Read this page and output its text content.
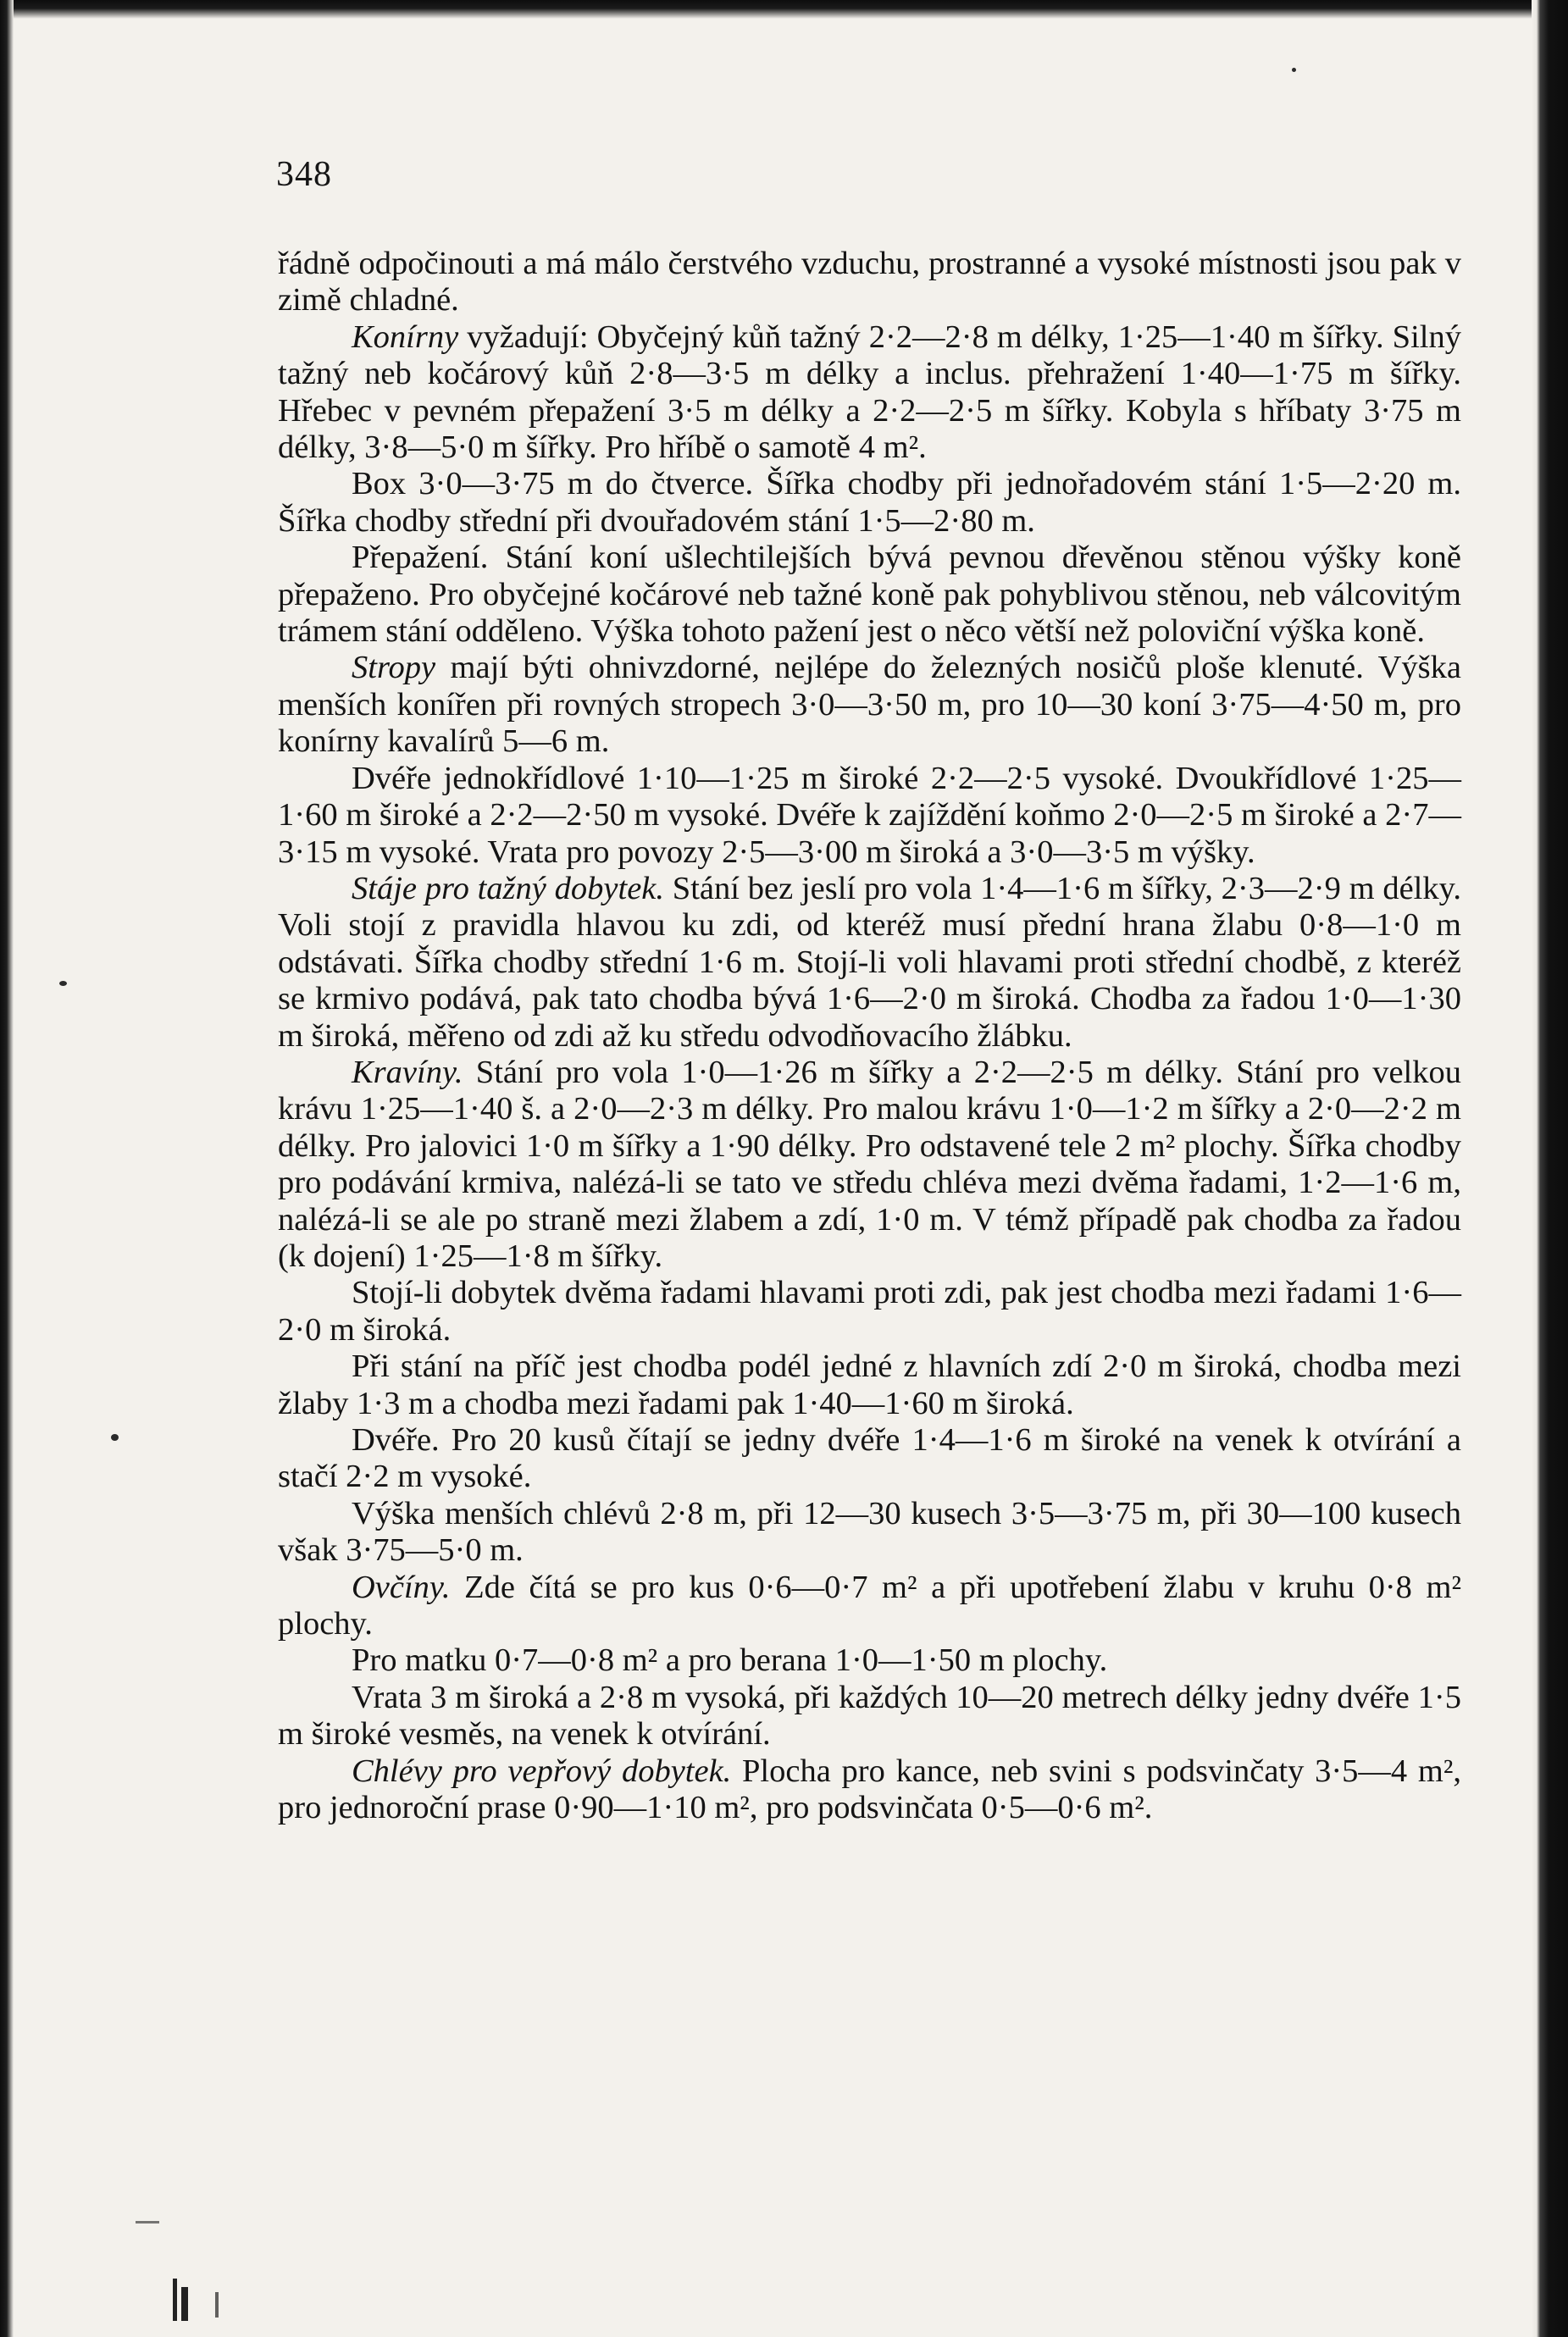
348

řádně odpočinouti a má málo čerstvého vzduchu, prostranné a vysoké místnosti jsou pak v zimě chladné.

Konírny vyžadují: Obyčejný kůň tažný 2·2—2·8 m délky, 1·25—1·40 m šířky. Silný tažný neb kočárový kůň 2·8—3·5 m délky a inclus. přehražení 1·40—1·75 m šířky. Hřebec v pevném přepažení 3·5 m délky a 2·2—2·5 m šířky. Kobyla s hříbaty 3·75 m délky, 3·8—5·0 m šířky. Pro hříbě o samotě 4 m².

Box 3·0—3·75 m do čtverce. Šířka chodby při jednořadovém stání 1·5—2·20 m. Šířka chodby střední při dvouřadovém stání 1·5—2·80 m.

Přepažení. Stání koní ušlechtilejších bývá pevnou dřevěnou stěnou výšky koně přepaženo. Pro obyčejné kočárové neb tažné koně pak pohyblivou stěnou, neb válcovitým trámem stání odděleno. Výška tohoto pažení jest o něco větší než poloviční výška koně.

Stropy mají býti ohnivzdorné, nejlépe do železných nosičů ploše klenuté. Výška menších konířen při rovných stropech 3·0—3·50 m, pro 10—30 koní 3·75—4·50 m, pro konírny kavalírů 5—6 m.

Dvéře jednokřídlové 1·10—1·25 m široké 2·2—2·5 vysoké. Dvoukřídlové 1·25—1·60 m široké a 2·2—2·50 m vysoké. Dvéře k zajíždění koňmo 2·0—2·5 m široké a 2·7—3·15 m vysoké. Vrata pro povozy 2·5—3·00 m široká a 3·0—3·5 m výšky.

Stáje pro tažný dobytek. Stání bez jeslí pro vola 1·4—1·6 m šířky, 2·3—2·9 m délky. Voli stojí z pravidla hlavou ku zdi, od kteréž musí přední hrana žlabu 0·8—1·0 m odstávati. Šířka chodby střední 1·6 m. Stojí-li voli hlavami proti střední chodbě, z kteréž se krmivo podává, pak tato chodba bývá 1·6—2·0 m široká. Chodba za řadou 1·0—1·30 m široká, měřeno od zdi až ku středu odvodňovacího žlábku.

Kravíny. Stání pro vola 1·0—1·26 m šířky a 2·2—2·5 m délky. Stání pro velkou krávu 1·25—1·40 š. a 2·0—2·3 m délky. Pro malou krávu 1·0—1·2 m šířky a 2·0—2·2 m délky. Pro jalovici 1·0 m šířky a 1·90 délky. Pro odstavené tele 2 m² plochy. Šířka chodby pro podávání krmiva, nalézá-li se tato ve středu chléva mezi dvěma řadami, 1·2—1·6 m, nalézá-li se ale po straně mezi žlabem a zdí, 1·0 m. V témž případě pak chodba za řadou (k dojení) 1·25—1·8 m šířky.

Stojí-li dobytek dvěma řadami hlavami proti zdi, pak jest chodba mezi řadami 1·6—2·0 m široká.

Při stání na příč jest chodba podél jedné z hlavních zdí 2·0 m široká, chodba mezi žlaby 1·3 m a chodba mezi řadami pak 1·40—1·60 m široká.

Dvéře. Pro 20 kusů čítají se jedny dvéře 1·4—1·6 m široké na venek k otvírání a stačí 2·2 m vysoké.

Výška menších chlévů 2·8 m, při 12—30 kusech 3·5—3·75 m, při 30—100 kusech však 3·75—5·0 m.

Ovčíny. Zde čítá se pro kus 0·6—0·7 m² a při upotřebení žlabu v kruhu 0·8 m² plochy.

Pro matku 0·7—0·8 m² a pro berana 1·0—1·50 m plochy.

Vrata 3 m široká a 2·8 m vysoká, při každých 10—20 metrech délky jedny dvéře 1·5 m široké vesměs, na venek k otvírání.

Chlévy pro vepřový dobytek. Plocha pro kance, neb svini s podsvinčaty 3·5—4 m², pro jednoroční prase 0·90—1·10 m², pro podsvinčata 0·5—0·6 m².
